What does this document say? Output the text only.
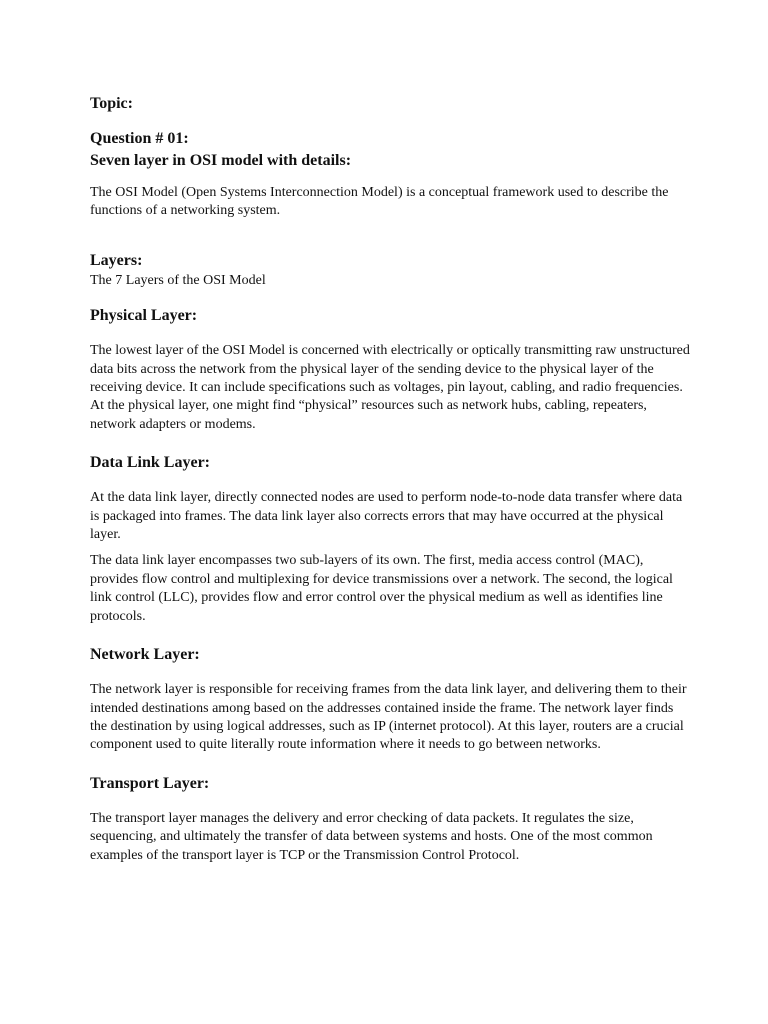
Topic:

Question # 01:

Seven layer in OSI model with details:

The OSI Model (Open Systems Interconnection Model) is a conceptual framework used to describe the functions of a networking system.

Layers:

The 7 Layers of the OSI Model

Physical Layer:

The lowest layer of the OSI Model is concerned with electrically or optically transmitting raw unstructured data bits across the network from the physical layer of the sending device to the physical layer of the receiving device. It can include specifications such as voltages, pin layout, cabling, and radio frequencies. At the physical layer, one might find “physical” resources such as network hubs, cabling, repeaters, network adapters or modems.

Data Link Layer:

At the data link layer, directly connected nodes are used to perform node-to-node data transfer where data is packaged into frames. The data link layer also corrects errors that may have occurred at the physical layer.

The data link layer encompasses two sub-layers of its own. The first, media access control (MAC), provides flow control and multiplexing for device transmissions over a network. The second, the logical link control (LLC), provides flow and error control over the physical medium as well as identifies line protocols.

Network Layer:

The network layer is responsible for receiving frames from the data link layer, and delivering them to their intended destinations among based on the addresses contained inside the frame. The network layer finds the destination by using logical addresses, such as IP (internet protocol). At this layer, routers are a crucial component used to quite literally route information where it needs to go between networks.

Transport Layer:

The transport layer manages the delivery and error checking of data packets. It regulates the size, sequencing, and ultimately the transfer of data between systems and hosts. One of the most common examples of the transport layer is TCP or the Transmission Control Protocol.
